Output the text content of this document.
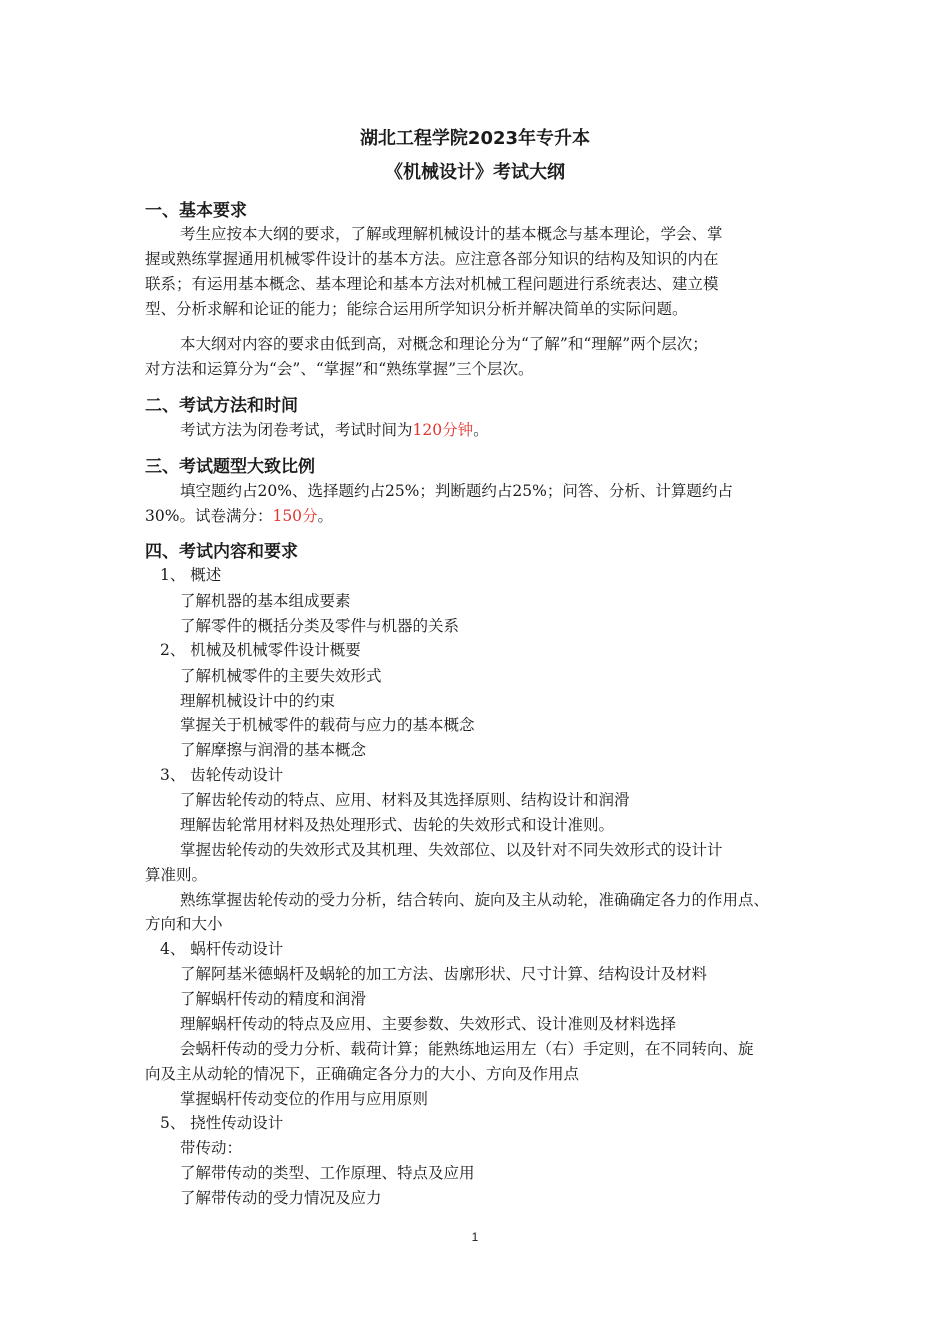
湖北工程学院2023年专升本
《机械设计》考试大纲
一、基本要求
考生应按本大纲的要求，了解或理解机械设计的基本概念与基本理论，学会、掌
握或熟练掌握通用机械零件设计的基本方法。应注意各部分知识的结构及知识的内在
联系；有运用基本概念、基本理论和基本方法对机械工程问题进行系统表达、建立模
型、分析求解和论证的能力；能综合运用所学知识分析并解决简单的实际问题。
本大纲对内容的要求由低到高，对概念和理论分为“了解”和“理解”两个层次；
对方法和运算分为“会”、“掌握”和“熟练掌握”三个层次。
二、考试方法和时间
考试方法为闭卷考试，考试时间为120分钟。
三、考试题型大致比例
填空题约占20%、选择题约占25%；判断题约占25%；问答、分析、计算题约占
30%。试卷满分：150分。
四、考试内容和要求
1、 概述
了解机器的基本组成要素
了解零件的概括分类及零件与机器的关系
2、 机械及机械零件设计概要
了解机械零件的主要失效形式
理解机械设计中的约束
掌握关于机械零件的载荷与应力的基本概念
了解摩擦与润滑的基本概念
3、 齿轮传动设计
了解齿轮传动的特点、应用、材料及其选择原则、结构设计和润滑
理解齿轮常用材料及热处理形式、齿轮的失效形式和设计准则。
掌握齿轮传动的失效形式及其机理、失效部位、以及针对不同失效形式的设计计
算准则。
熟练掌握齿轮传动的受力分析，结合转向、旋向及主从动轮，准确确定各力的作用点、
方向和大小
4、 蜗杆传动设计
了解阿基米德蜗杆及蜗轮的加工方法、齿廓形状、尺寸计算、结构设计及材料
了解蜗杆传动的精度和润滑
理解蜗杆传动的特点及应用、主要参数、失效形式、设计准则及材料选择
会蜗杆传动的受力分析、载荷计算；能熟练地运用左（右）手定则，在不同转向、旋
向及主从动轮的情况下，正确确定各分力的大小、方向及作用点
掌握蜗杆传动变位的作用与应用原则
5、 挠性传动设计
带传动：
了解带传动的类型、工作原理、特点及应用
了解带传动的受力情况及应力
1
